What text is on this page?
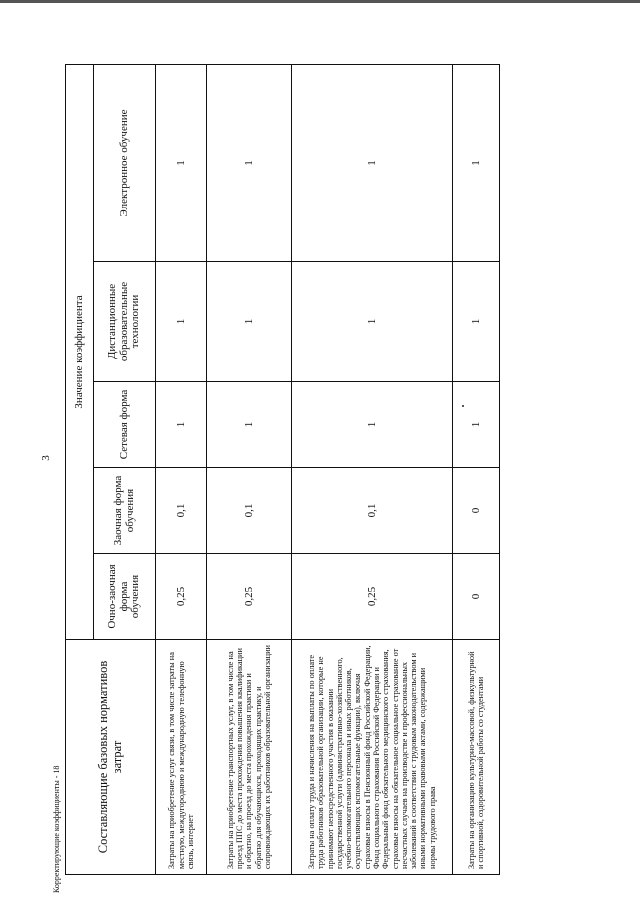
3
Составляющие базовых нормативов затрат	Значение коэффициента				
	Очно-заочная форма обучения	Заочная форма обучения	Сетевая форма	Дистанционные образовательные технологии	Электронное обучение
Затраты на приобретение услуг связи, в том числе затраты на местную, междугороднюю и международную телефонную связь, интернет	0,25	0,1	1	1	1
Затраты на приобретение транспортных услуг, в том числе на проезд ППС до места прохождения повышения квалификации и обратно, на проезд до места прохождения практики и обратно для обучающихся, проходящих практику, и сопровождающих их работников образовательной организации	0,25	0,1	1	1	1
Затраты на оплату труда и начисления на выплаты по оплате труда работников образовательной организации, которые не принимают непосредственного участия в оказании государственной услуги (административно-хозяйственного, учебно-вспомогательного персонала и иных работников, осуществляющих вспомогательные функции), включая страховые взносы в Пенсионный фонд Российской Федерации, Фонд социального страхования Российской Федерации и Федеральный фонд обязательного медицинского страхования, страховые взносы на обязательное социальное страхование от несчастных случаев на производстве и профессиональных заболеваний в соответствии с трудовым законодательством и иными нормативными правовыми актами, содержащими нормы трудового права	0,25	0,1	1	1	1
Затраты на организацию культурно-массовой, физкультурной и спортивной, оздоровительной работы со студентами	0	0	1	1	1
Корректирующие коэффициенты - 18
